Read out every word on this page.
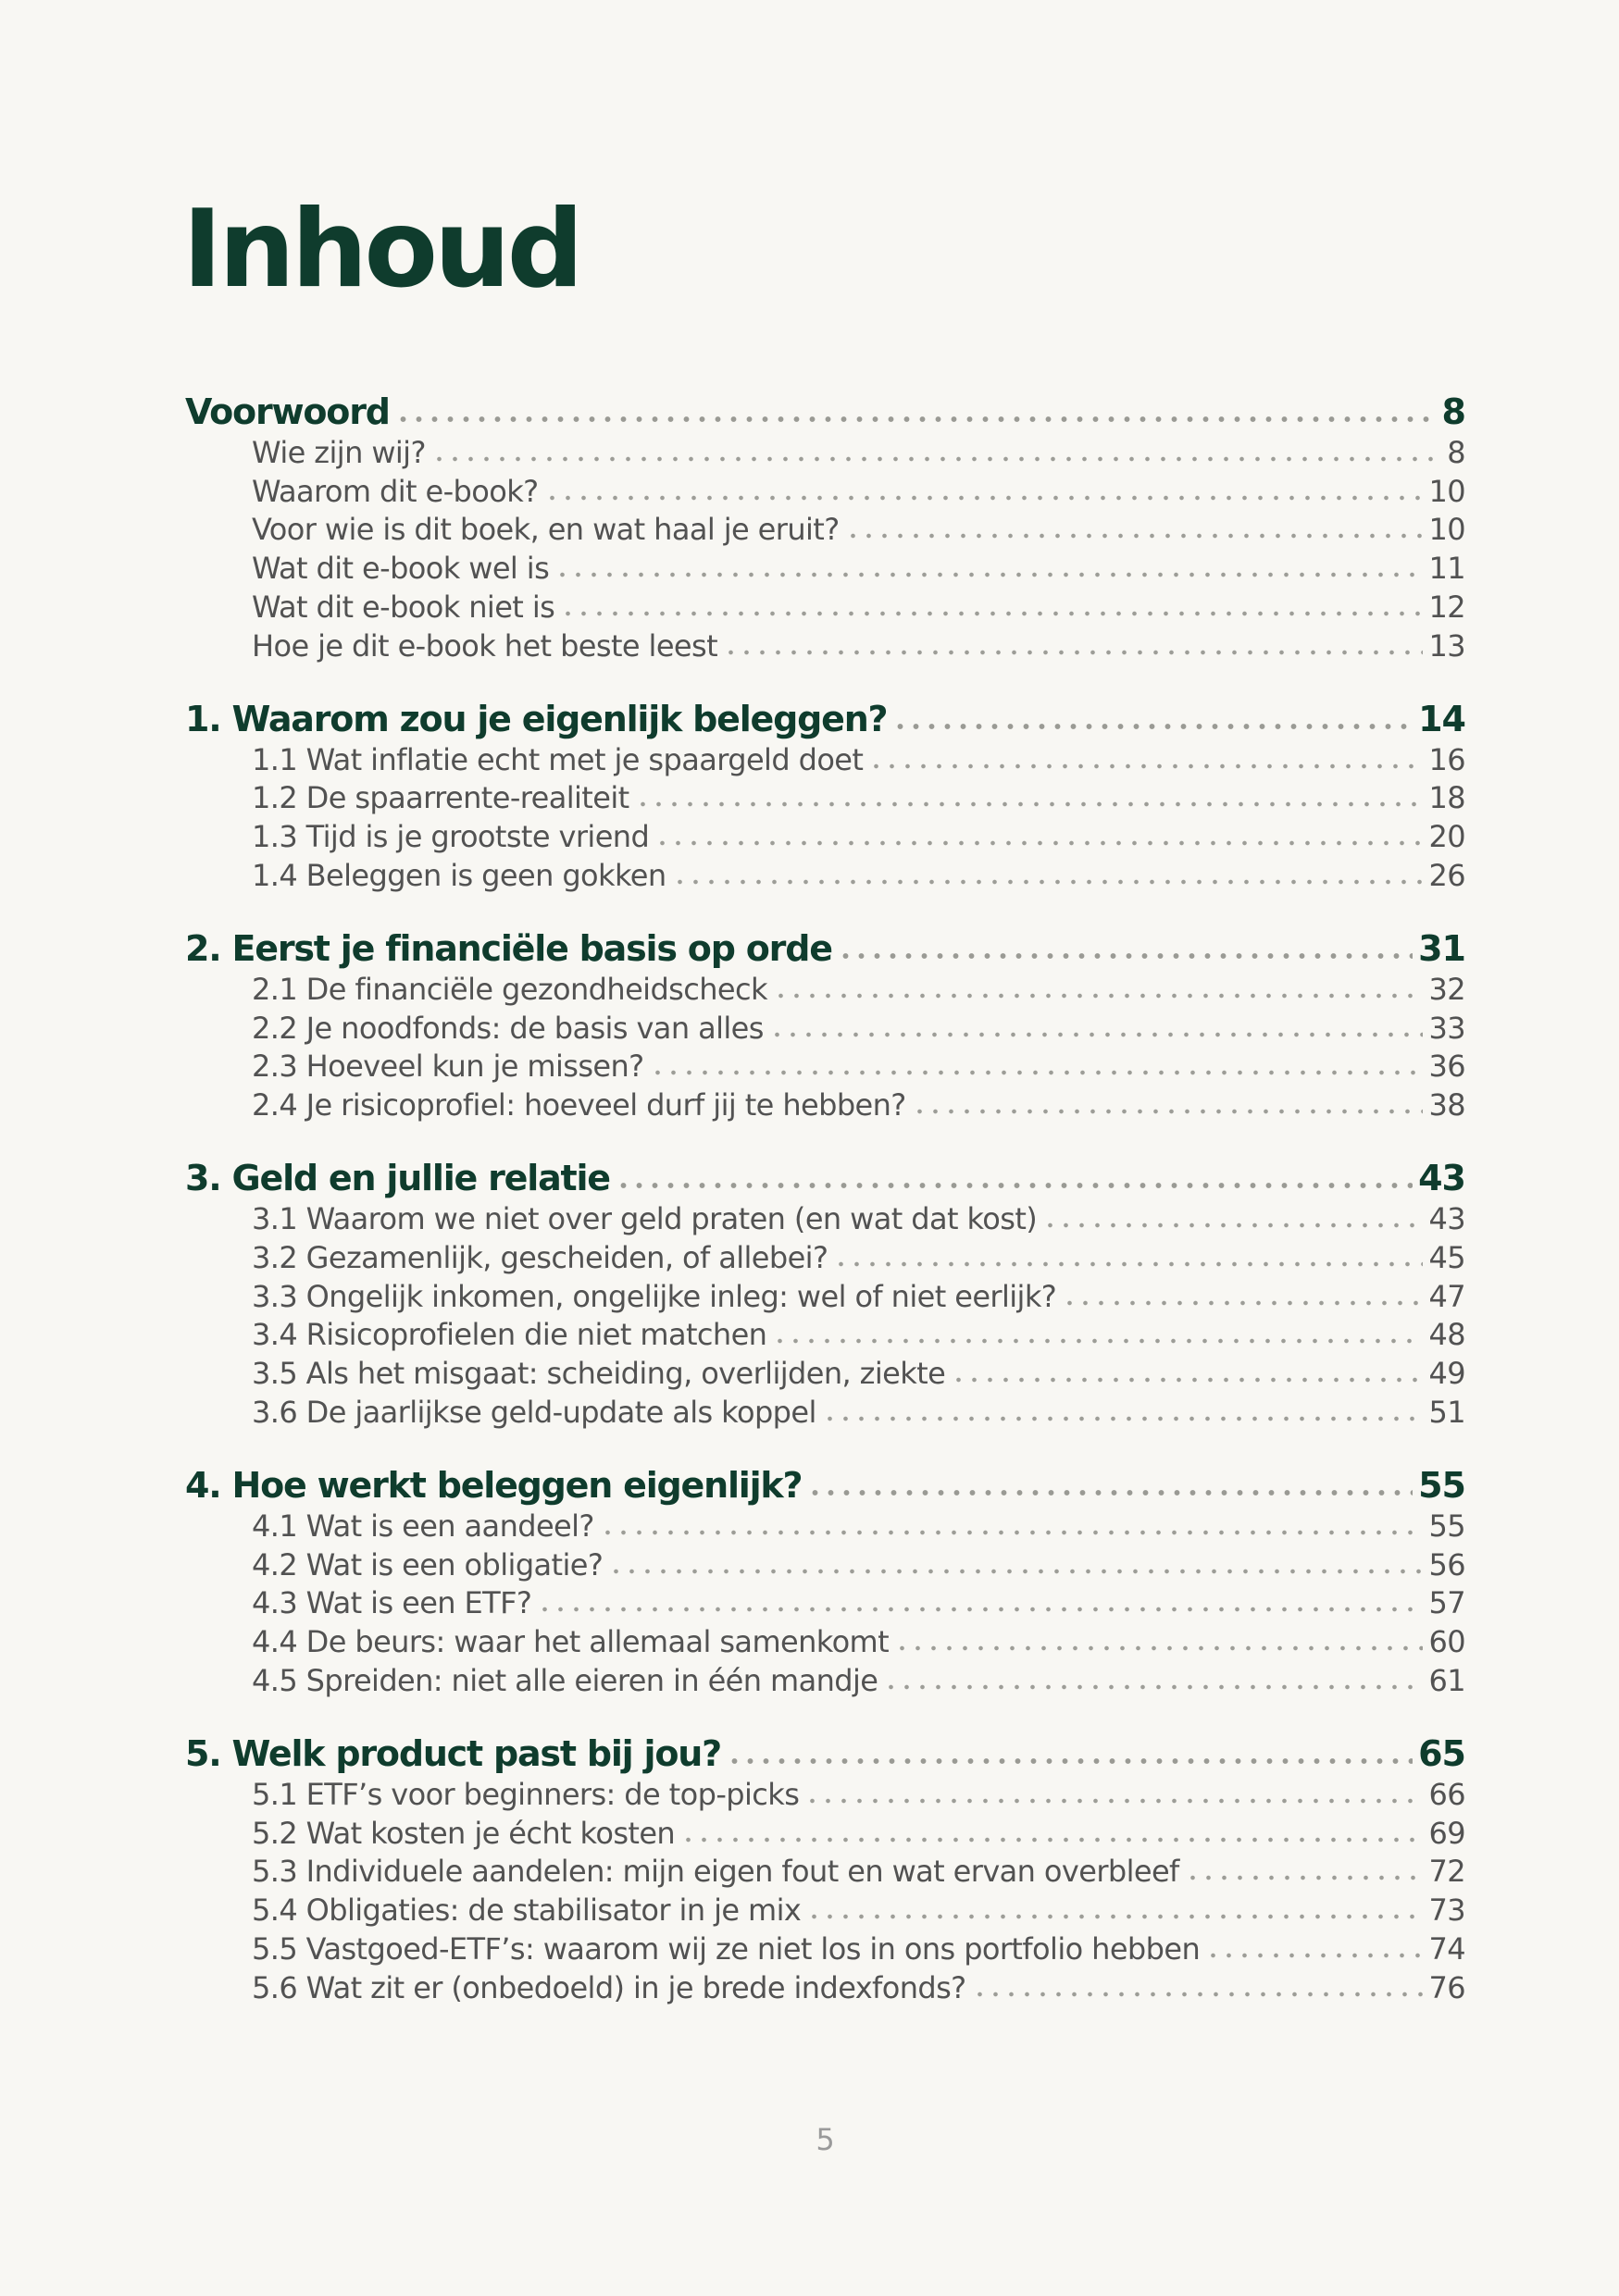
Inhoud
Voorwoord	8
Wie zijn wij?	8
Waarom dit e-book?	10
Voor wie is dit boek, en wat haal je eruit?	10
Wat dit e-book wel is	11
Wat dit e-book niet is	12
Hoe je dit e-book het beste leest	13
1. Waarom zou je eigenlijk beleggen?	14
1.1 Wat inflatie echt met je spaargeld doet	16
1.2 De spaarrente-realiteit	18
1.3 Tijd is je grootste vriend	20
1.4 Beleggen is geen gokken	26
2. Eerst je financiële basis op orde	31
2.1 De financiële gezondheidscheck	32
2.2 Je noodfonds: de basis van alles	33
2.3 Hoeveel kun je missen?	36
2.4 Je risicoprofiel: hoeveel durf jij te hebben?	38
3. Geld en jullie relatie	43
3.1 Waarom we niet over geld praten (en wat dat kost)	43
3.2 Gezamenlijk, gescheiden, of allebei?	45
3.3 Ongelijk inkomen, ongelijke inleg: wel of niet eerlijk?	47
3.4 Risicoprofielen die niet matchen	48
3.5 Als het misgaat: scheiding, overlijden, ziekte	49
3.6 De jaarlijkse geld-update als koppel	51
4. Hoe werkt beleggen eigenlijk?	55
4.1 Wat is een aandeel?	55
4.2 Wat is een obligatie?	56
4.3 Wat is een ETF?	57
4.4 De beurs: waar het allemaal samenkomt	60
4.5 Spreiden: niet alle eieren in één mandje	61
5. Welk product past bij jou?	65
5.1 ETF’s voor beginners: de top-picks	66
5.2 Wat kosten je écht kosten	69
5.3 Individuele aandelen: mijn eigen fout en wat ervan overbleef	72
5.4 Obligaties: de stabilisator in je mix	73
5.5 Vastgoed-ETF’s: waarom wij ze niet los in ons portfolio hebben	74
5.6 Wat zit er (onbedoeld) in je brede indexfonds?	76
5
